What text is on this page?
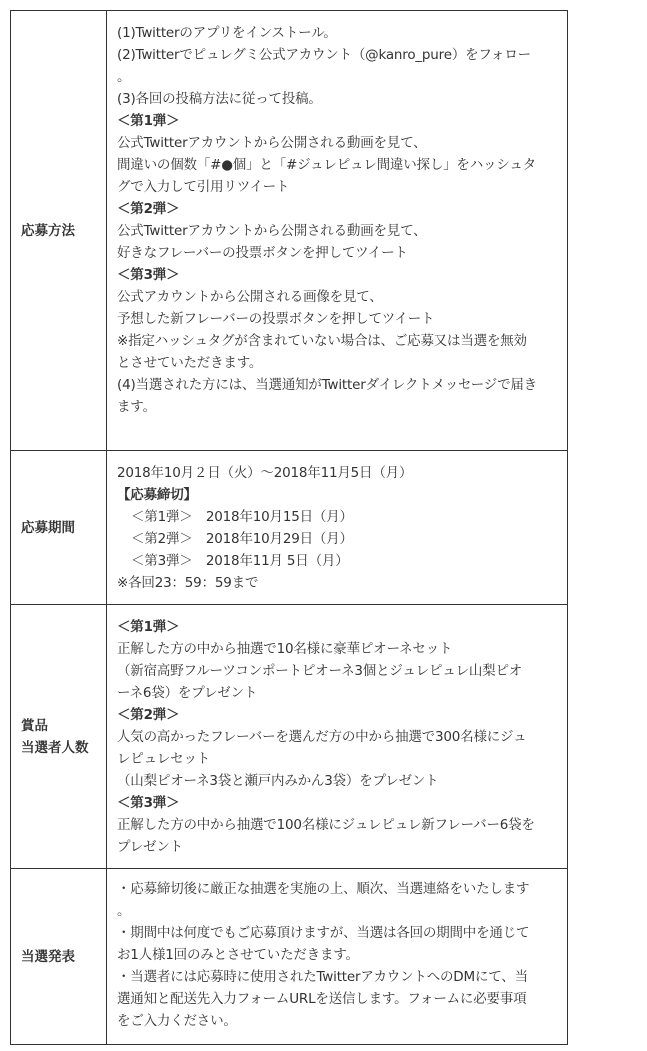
応募方法
(1)Twitterのアプリをインストール。
(2)Twitterでピュレグミ公式アカウント（@kanro_pure）をフォロー
。
(3)各回の投稿方法に従って投稿。
＜第1弾＞
公式Twitterアカウントから公開される動画を見て、
間違いの個数「#●個」と「#ジュレピュレ間違い探し」をハッシュタ
グで入力して引用リツイート
＜第2弾＞
公式Twitterアカウントから公開される動画を見て、
好きなフレーバーの投票ボタンを押してツイート
＜第3弾＞
公式アカウントから公開される画像を見て、
予想した新フレーバーの投票ボタンを押してツイート
※指定ハッシュタグが含まれていない場合は、ご応募又は当選を無効
とさせていただきます。
(4)当選された方には、当選通知がTwitterダイレクトメッセージで届き
ます。
応募期間
2018年10月２日（火）〜2018年11月5日（月）
【応募締切】
＜第1弾＞　2018年10月15日（月）
＜第2弾＞　2018年10月29日（月）
＜第3弾＞　2018年11月 5日（月）
※各回23：59：59まで
賞品
当選者人数
＜第1弾＞
正解した方の中から抽選で10名様に豪華ピオーネセット
（新宿高野フルーツコンポートピオーネ3個とジュレピュレ山梨ピオ
ーネ6袋）をプレゼント
＜第2弾＞
人気の高かったフレーバーを選んだ方の中から抽選で300名様にジュ
レピュレセット
（山梨ピオーネ3袋と瀬戸内みかん3袋）をプレゼント
＜第3弾＞
正解した方の中から抽選で100名様にジュレピュレ新フレーバー6袋を
プレゼント
当選発表
・応募締切後に厳正な抽選を実施の上、順次、当選連絡をいたします
。
・期間中は何度でもご応募頂けますが、当選は各回の期間中を通じて
お1人様1回のみとさせていただきます。
・当選者には応募時に使用されたTwitterアカウントへのDMにて、当
選通知と配送先入力フォームURLを送信します。フォームに必要事項
をご入力ください。
